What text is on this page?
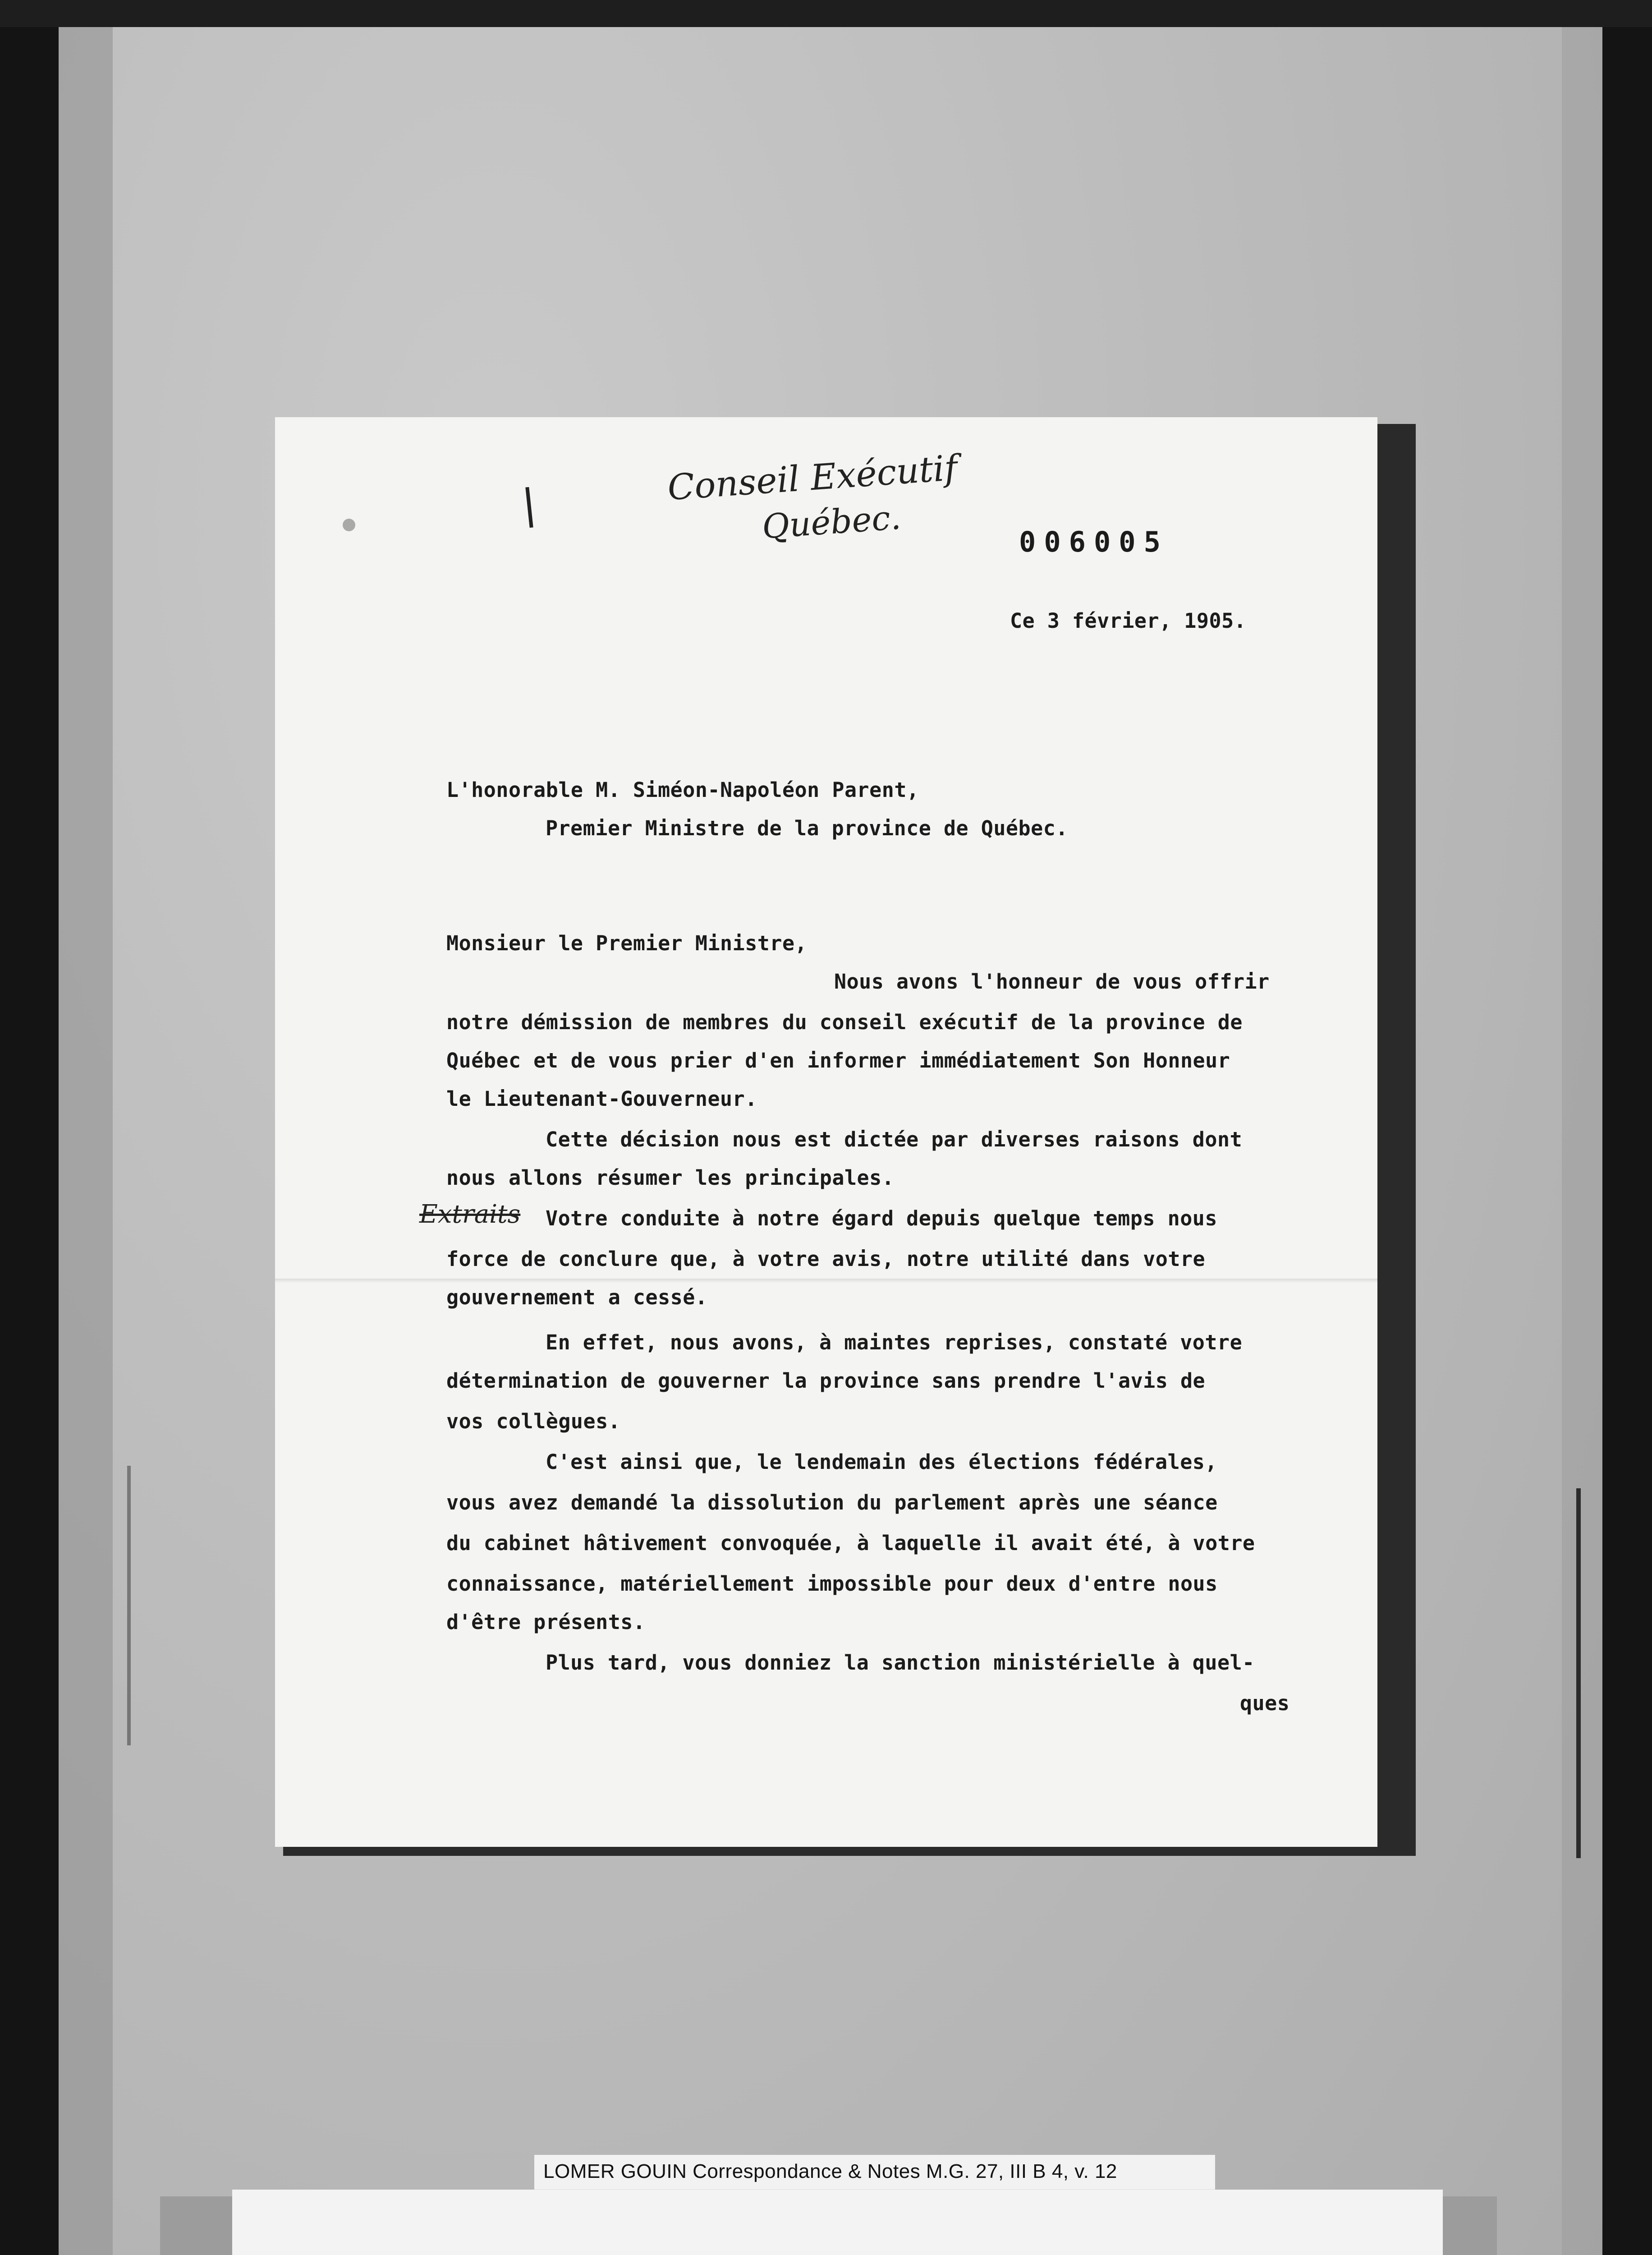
Conseil Exécutif
Québec.	006005
Ce 3 février, 1905.
L'honorable M. Siméon-Napoléon Parent,
Premier Ministre de la province de Québec.
Monsieur le Premier Ministre,
Nous avons l'honneur de vous offrir
notre démission de membres du conseil exécutif de la province de
Québec et de vous prier d'en informer immédiatement Son Honneur
le Lieutenant-Gouverneur.
Cette décision nous est dictée par diverses raisons dont
nous allons résumer les principales.
Extraits Votre conduite à notre égard depuis quelque temps nous
force de conclure que, à votre avis, notre utilité dans votre
gouvernement a cessé.
En effet, nous avons, à maintes reprises, constaté votre
détermination de gouverner la province sans prendre l'avis de
vos collègues.
C'est ainsi que, le lendemain des élections fédérales,
vous avez demandé la dissolution du parlement après une séance
du cabinet hâtivement convoquée, à laquelle il avait été, à votre
connaissance, matériellement impossible pour deux d'entre nous
d'être présents.
Plus tard, vous donniez la sanction ministérielle à quel-
ques
LOMER GOUIN Correspondance & Notes M.G. 27, III B 4, v. 12
